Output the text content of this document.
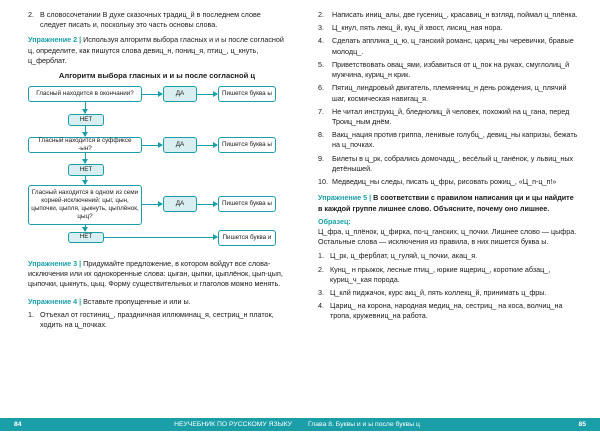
2. В словосочетании В духе сказочных традиц_й в последнем слове следует писать и, поскольку это часть основы слова.
Упражнение 2 | Используя алгоритм выбора гласных и и ы после согласной ц, определите, как пишутся слова девиц_н, пониц_я, птиц_, ц_кнуть, ц_ферблат.
Алгоритм выбора гласных и и ы после согласной ц
Гласный находится в окончании?	ДА	Пишется буква ы
НЕТ
Гласный находится в суффиксе -ын?
ДА	Пишется буква ы
НЕТ
Гласный находится в одном из семи корней-исключений: цыг, цын, цыпочки, цыпля, цыкнуть, цыплёнок, цыц?
ДА	Пишется буква ы
НЕТ	Пишется буква и
Упражнение 3 | Придумайте предложение, в котором войдут все слова-исключения или их однокоренные слова: цыган, цыпки, цыплёнок, цып-цып, цыпочки, цыкнуть, цыц. Форму существительных и глаголов можно менять.
Упражнение 4 | Вставьте пропущенные и или ы.
1. Отъехал от гостиниц_, праздничная иллюминац_я, сестриц_н платок, ходить на ц_почках.
84	НЕУЧЕБНИК ПО РУССКОМУ ЯЗЫКУ
2.	Написать иниц_алы, две гусениц_, красавиц_н взгляд, поймал ц_плёнка.
3.	Ц_кнул, пять лекц_й, куц_й хвост, лисиц_ная нора.
4.	Сделать апплика_ц_ю, ц_ганский романс, цариц_ны черевички, бравые молодц_.
5.	Приветствовать овац_ями, избавиться от ц_пок на руках, смуглолиц_й мужчина, куриц_н крик.
6.	Пятиц_линдровый двигатель, племянниц_н день рождения, ц_плячий шаг, космическая навигац_я.
7.	Не читал инструкц_й, бледнолиц_й человек, похожий на ц_гана, перед Троиц_ным днём.
8.	Вакц_нация против гриппа, ленивые голубц_, девиц_ны капризы, бежать на ц_почках.
9.	Билеты в ц_рк, собрались домочадц_, весёлый ц_ганёнок, у львиц_ных детёнышей.
10. Медведиц_ны следы, писать ц_фры, рисовать рожиц_, «Ц_п-ц_п!»
Упражнение 5 | В соответствии с правилом написания ци и цы найдите в каждой группе лишнее слово. Объясните, почему оно лишнее.
Образец:
Ц_фра, ц_плёнок, ц_фирка, по-ц_ганских, ц_почки. Лишнее слово — цыфра. Остальные слова — исключения из правила, в них пишется буква ы.
1. Ц_рк, ц_ферблат, ц_гуляй, ц_почки, акац_я.
2. Кунц_ н прыжок, лесные птиц_, юркие ящериц_, короткие абзац_, куриц_ч_кая порода.
3. Ц_клй пиджачок, курс акц_й, пять коллекц_й, принимать ц_фры.
4. Цариц_ на корона, народная медиц_на, сестриц_ на коса, волчиц_на тропа, кружевниц_на работа.
Глава 8. Буквы и и ы после буквы ц	85
